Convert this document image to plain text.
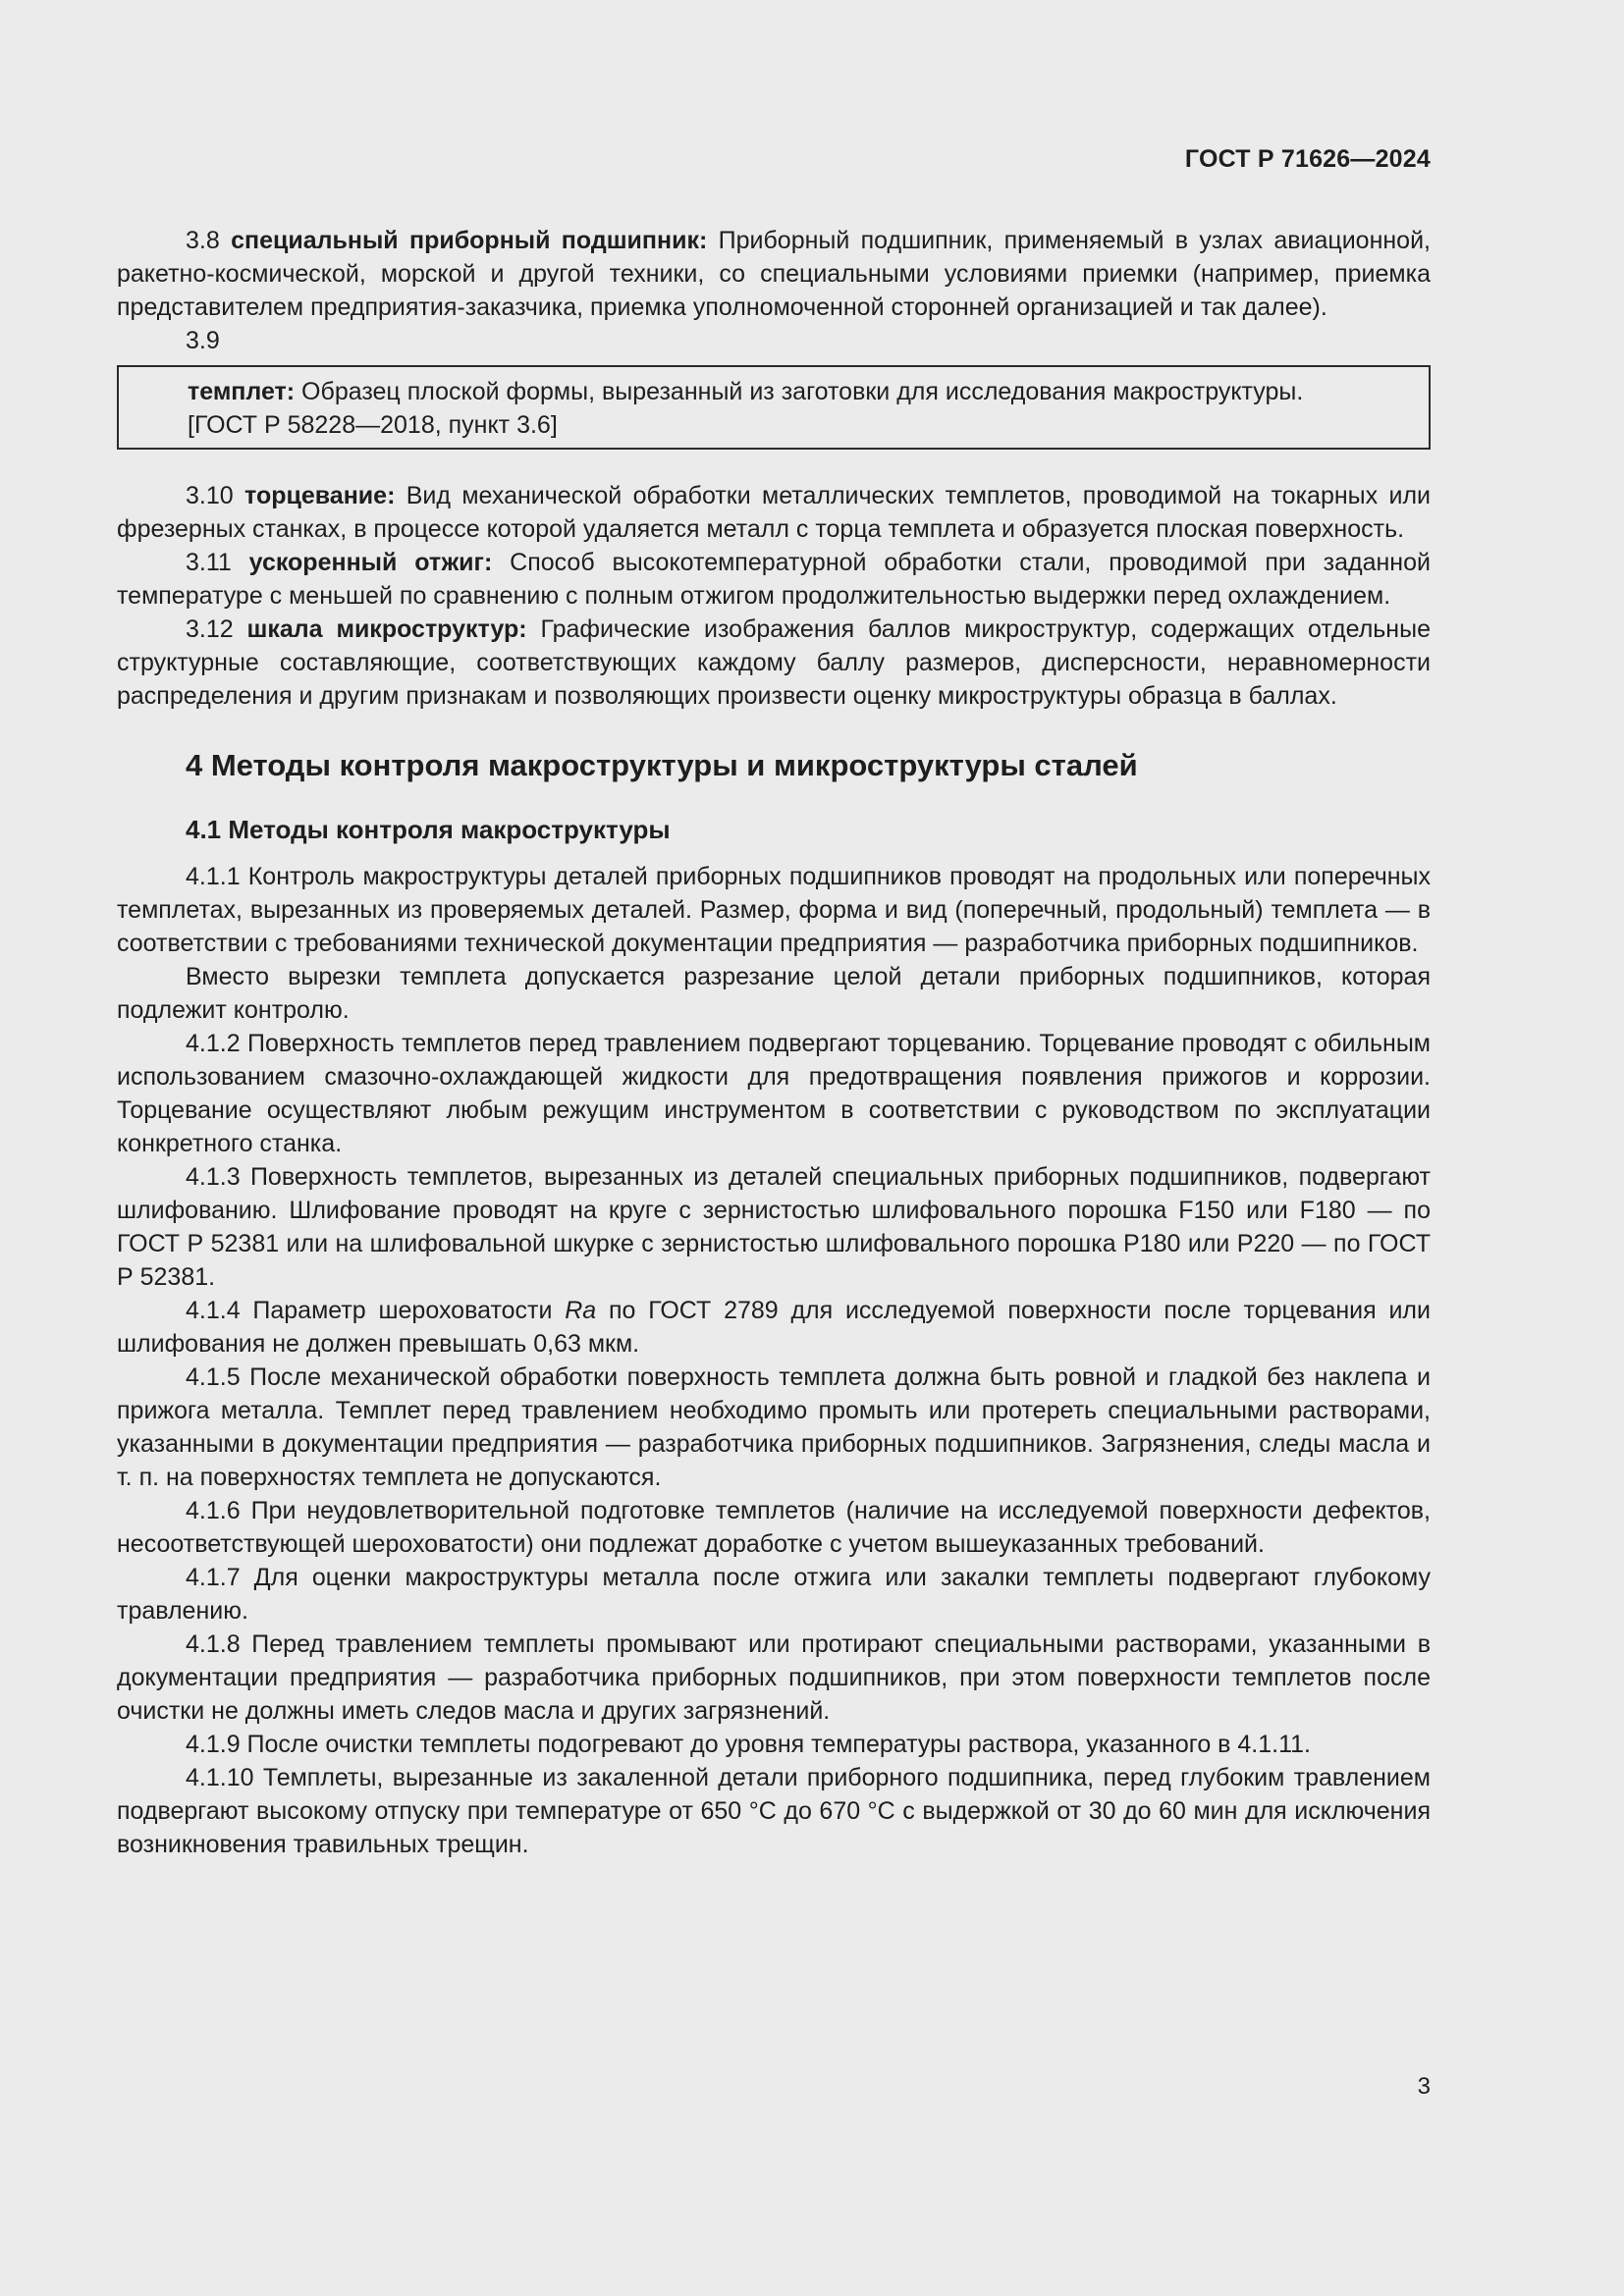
ГОСТ Р 71626—2024

3.8 специальный приборный подшипник: Приборный подшипник, применяемый в узлах авиационной, ракетно-космической, морской и другой техники, со специальными условиями приемки (например, приемка представителем предприятия-заказчика, приемка уполномоченной сторонней организацией и так далее).

3.9

темплет: Образец плоской формы, вырезанный из заготовки для исследования макроструктуры.
[ГОСТ Р 58228—2018, пункт 3.6]

3.10 торцевание: Вид механической обработки металлических темплетов, проводимой на токарных или фрезерных станках, в процессе которой удаляется металл с торца темплета и образуется плоская поверхность.

3.11 ускоренный отжиг: Способ высокотемпературной обработки стали, проводимой при заданной температуре с меньшей по сравнению с полным отжигом продолжительностью выдержки перед охлаждением.

3.12 шкала микроструктур: Графические изображения баллов микроструктур, содержащих отдельные структурные составляющие, соответствующих каждому баллу размеров, дисперсности, неравномерности распределения и другим признакам и позволяющих произвести оценку микроструктуры образца в баллах.

4 Методы контроля макроструктуры и микроструктуры сталей
4.1 Методы контроля макроструктуры

4.1.1 Контроль макроструктуры деталей приборных подшипников проводят на продольных или поперечных темплетах, вырезанных из проверяемых деталей. Размер, форма и вид (поперечный, продольный) темплета — в соответствии с требованиями технической документации предприятия — разработчика приборных подшипников.

Вместо вырезки темплета допускается разрезание целой детали приборных подшипников, которая подлежит контролю.

4.1.2 Поверхность темплетов перед травлением подвергают торцеванию. Торцевание проводят с обильным использованием смазочно-охлаждающей жидкости для предотвращения появления прижогов и коррозии. Торцевание осуществляют любым режущим инструментом в соответствии с руководством по эксплуатации конкретного станка.

4.1.3 Поверхность темплетов, вырезанных из деталей специальных приборных подшипников, подвергают шлифованию. Шлифование проводят на круге с зернистостью шлифовального порошка F150 или F180 — по ГОСТ Р 52381 или на шлифовальной шкурке с зернистостью шлифовального порошка P180 или P220 — по ГОСТ Р 52381.

4.1.4 Параметр шероховатости Ra по ГОСТ 2789 для исследуемой поверхности после торцевания или шлифования не должен превышать 0,63 мкм.

4.1.5 После механической обработки поверхность темплета должна быть ровной и гладкой без наклепа и прижога металла. Темплет перед травлением необходимо промыть или протереть специальными растворами, указанными в документации предприятия — разработчика приборных подшипников. Загрязнения, следы масла и т. п. на поверхностях темплета не допускаются.

4.1.6 При неудовлетворительной подготовке темплетов (наличие на исследуемой поверхности дефектов, несоответствующей шероховатости) они подлежат доработке с учетом вышеуказанных требований.

4.1.7 Для оценки макроструктуры металла после отжига или закалки темплеты подвергают глубокому травлению.

4.1.8 Перед травлением темплеты промывают или протирают специальными растворами, указанными в документации предприятия — разработчика приборных подшипников, при этом поверхности темплетов после очистки не должны иметь следов масла и других загрязнений.

4.1.9 После очистки темплеты подогревают до уровня температуры раствора, указанного в 4.1.11.

4.1.10 Темплеты, вырезанные из закаленной детали приборного подшипника, перед глубоким травлением подвергают высокому отпуску при температуре от 650 °С до 670 °С с выдержкой от 30 до 60 мин для исключения возникновения травильных трещин.

3
